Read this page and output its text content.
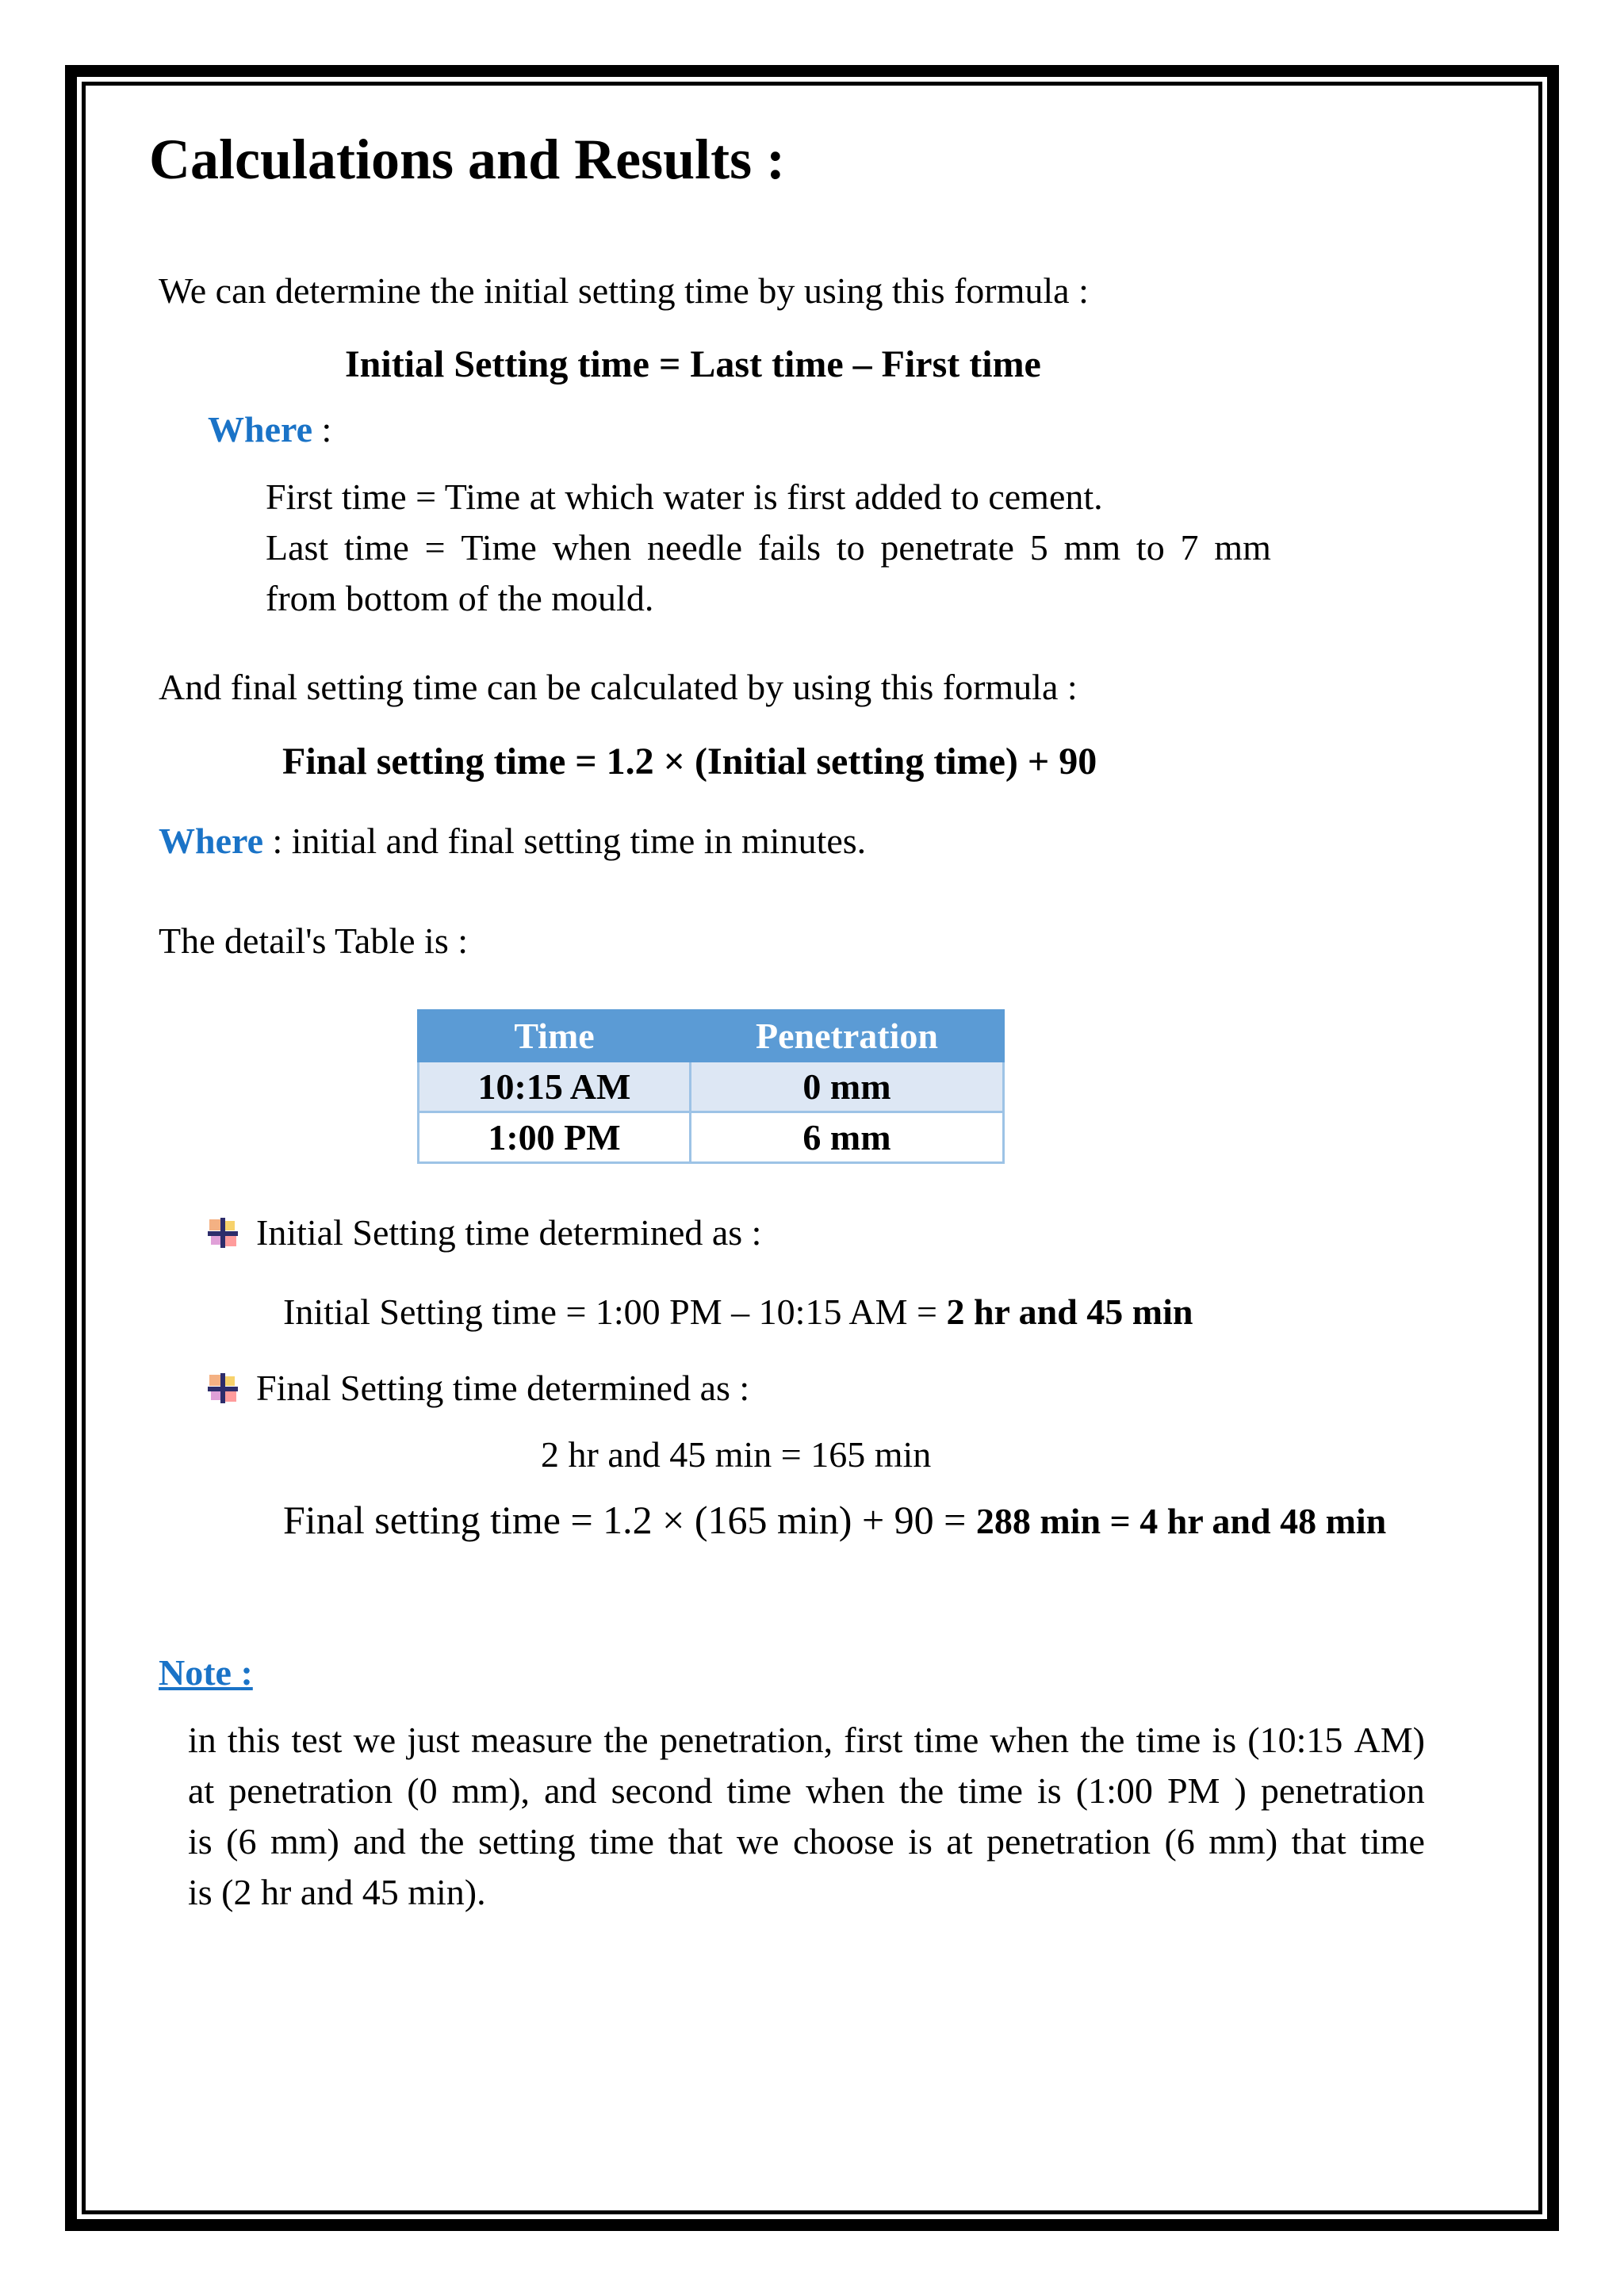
Calculations and Results :
We can determine the initial setting time by using this formula :
Initial Setting time = Last time – First time
Where :
First time = Time at which water is first added to cement.
Last time = Time when needle fails to penetrate 5 mm to 7 mm
from bottom of the mould.
And final setting time can be calculated by using this formula :
Final setting time = 1.2 × (Initial setting time) + 90
Where : initial and final setting time in minutes.
The detail's Table is :
Time	Penetration
10:15 AM	0 mm
1:00 PM	6 mm
Initial Setting time determined as :
Initial Setting time = 1:00 PM – 10:15 AM = 2 hr and 45 min
Final Setting time determined as :
2 hr and 45 min = 165 min
Final setting time = 1.2 × (165 min) + 90 = 288 min = 4 hr and 48 min
Note :
in this test we just measure the penetration, first time when the time is (10:15 AM)
at penetration (0 mm), and second time when the time is (1:00 PM ) penetration
is (6 mm) and the setting time that we choose is at penetration (6 mm) that time
is (2 hr and 45 min).
